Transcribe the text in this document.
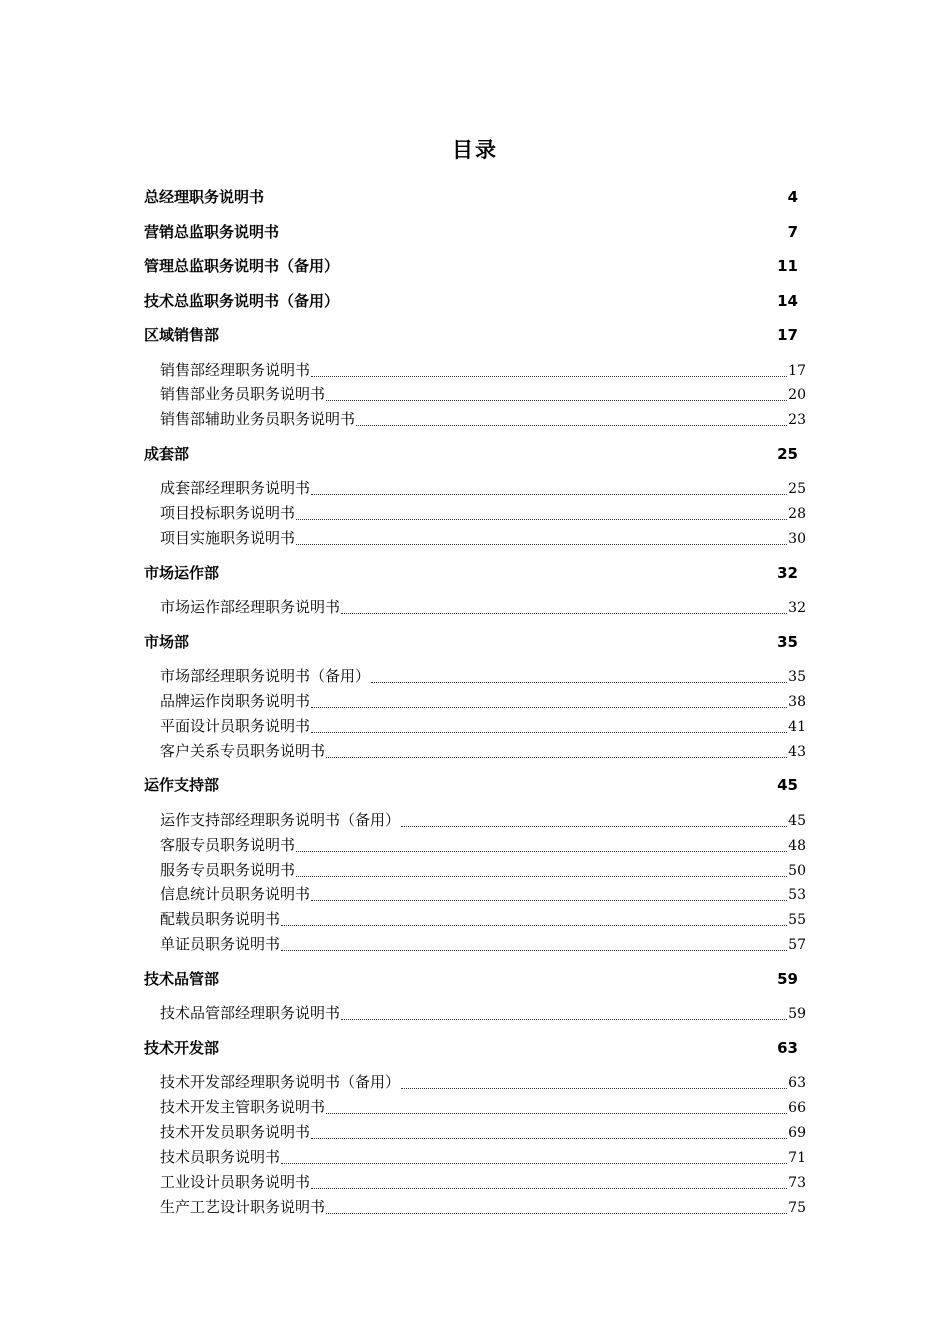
目录
总经理职务说明书	4
营销总监职务说明书	7
管理总监职务说明书（备用）	11
技术总监职务说明书（备用）	14
区域销售部	17
销售部经理职务说明书	17
销售部业务员职务说明书	20
销售部辅助业务员职务说明书	23
成套部	25
成套部经理职务说明书	25
项目投标职务说明书	28
项目实施职务说明书	30
市场运作部	32
市场运作部经理职务说明书	32
市场部	35
市场部经理职务说明书（备用）	35
品牌运作岗职务说明书	38
平面设计员职务说明书	41
客户关系专员职务说明书	43
运作支持部	45
运作支持部经理职务说明书（备用）	45
客服专员职务说明书	48
服务专员职务说明书	50
信息统计员职务说明书	53
配载员职务说明书	55
单证员职务说明书	57
技术品管部	59
技术品管部经理职务说明书	59
技术开发部	63
技术开发部经理职务说明书（备用）	63
技术开发主管职务说明书	66
技术开发员职务说明书	69
技术员职务说明书	71
工业设计员职务说明书	73
生产工艺设计职务说明书	75
